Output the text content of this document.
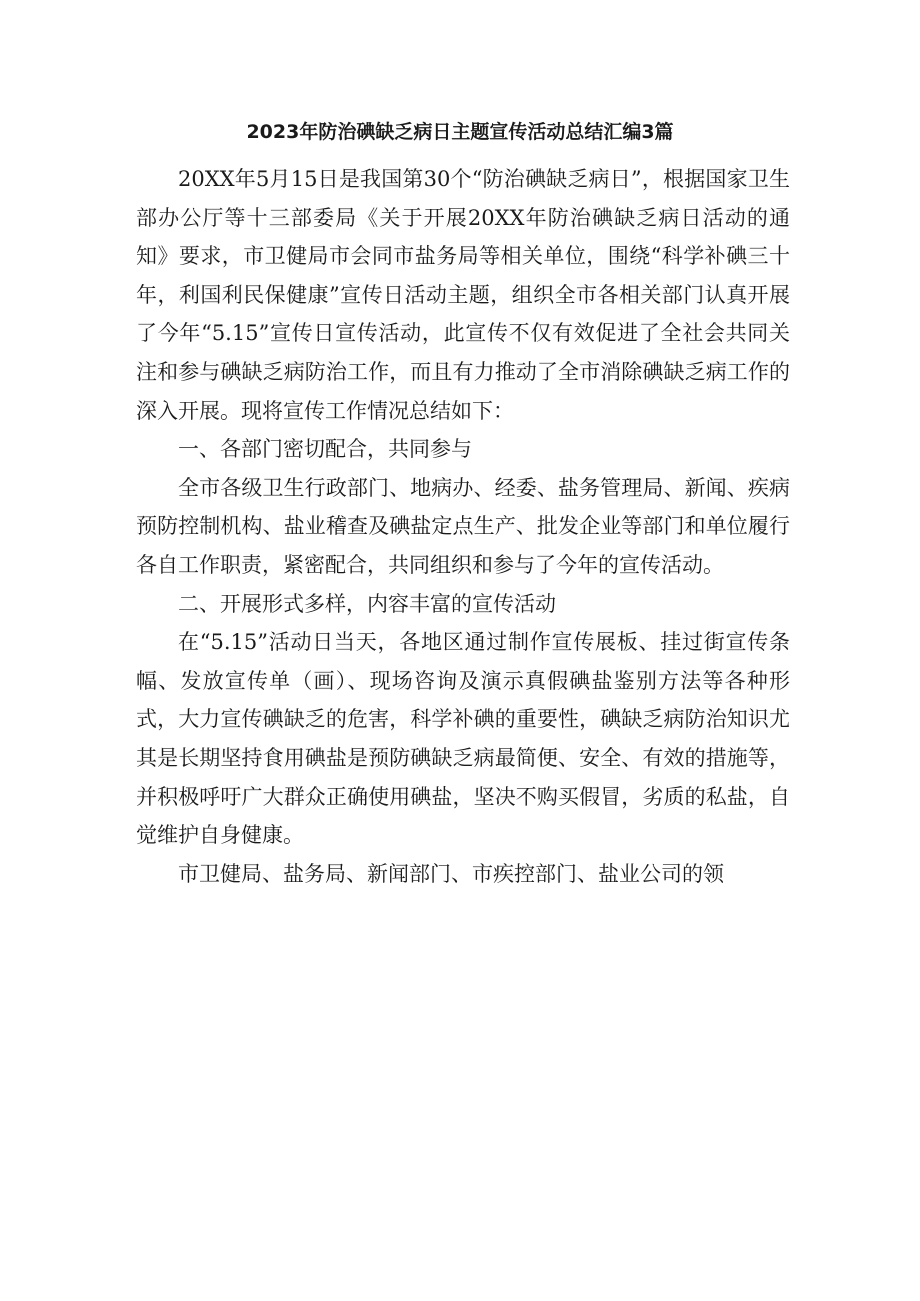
2023年防治碘缺乏病日主题宣传活动总结汇编3篇

20XX年5月15日是我国第30个“防治碘缺乏病日”，根据国家卫生部办公厅等十三部委局《关于开展20XX年防治碘缺乏病日活动的通知》要求，市卫健局市会同市盐务局等相关单位，围绕“科学补碘三十年，利国利民保健康”宣传日活动主题，组织全市各相关部门认真开展了今年“5.15”宣传日宣传活动，此宣传不仅有效促进了全社会共同关注和参与碘缺乏病防治工作，而且有力推动了全市消除碘缺乏病工作的深入开展。现将宣传工作情况总结如下：

一、各部门密切配合，共同参与

全市各级卫生行政部门、地病办、经委、盐务管理局、新闻、疾病预防控制机构、盐业稽查及碘盐定点生产、批发企业等部门和单位履行各自工作职责，紧密配合，共同组织和参与了今年的宣传活动。

二、开展形式多样，内容丰富的宣传活动

在“5.15”活动日当天，各地区通过制作宣传展板、挂过街宣传条幅、发放宣传单（画）、现场咨询及演示真假碘盐鉴别方法等各种形式，大力宣传碘缺乏的危害，科学补碘的重要性，碘缺乏病防治知识尤其是长期坚持食用碘盐是预防碘缺乏病最简便、安全、有效的措施等，并积极呼吁广大群众正确使用碘盐，坚决不购买假冒，劣质的私盐，自觉维护自身健康。

市卫健局、盐务局、新闻部门、市疾控部门、盐业公司的领
